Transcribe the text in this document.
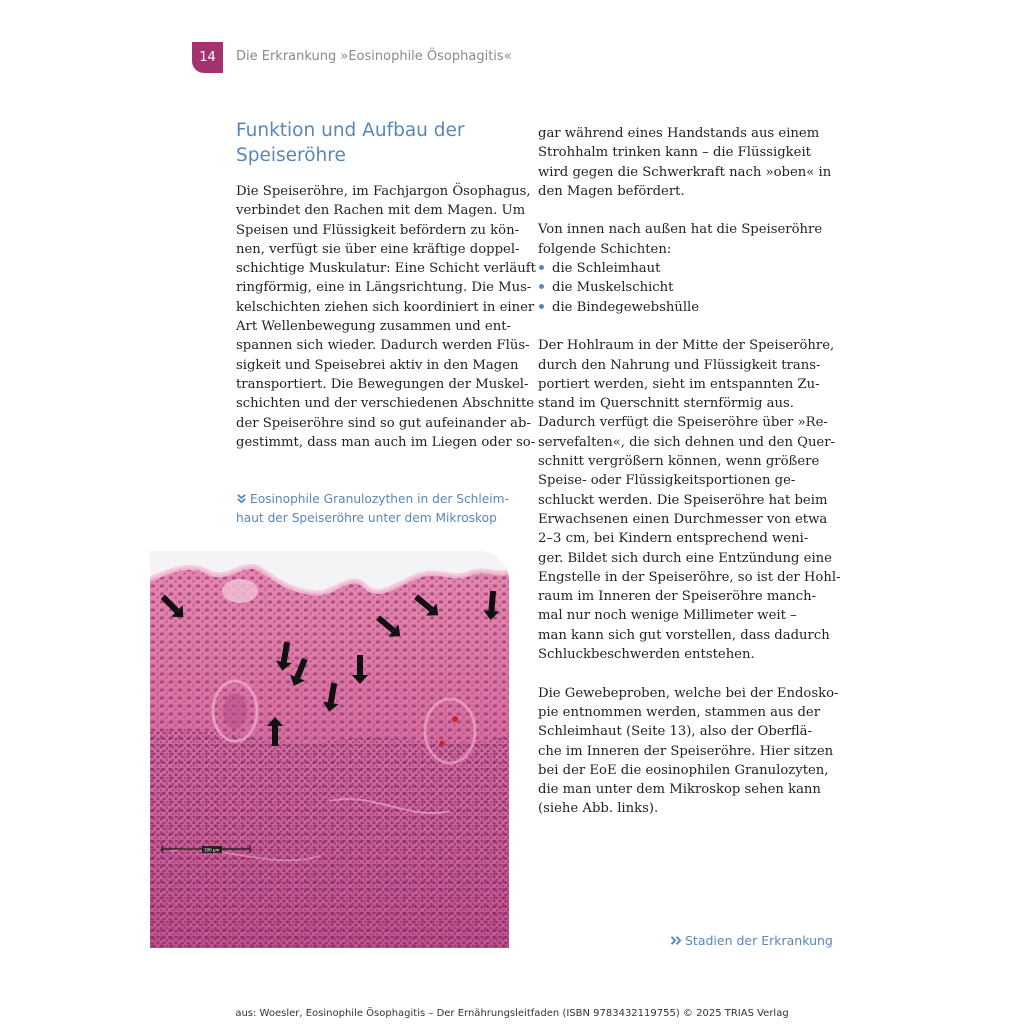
14 Die Erkrankung »Eosinophile Ösophagitis«
Funktion und Aufbau der
Speiseröhre
Die Speiseröhre, im Fachjargon Ösophagus,
verbindet den Rachen mit dem Magen. Um
Speisen und Flüssigkeit befördern zu kön-
nen, verfügt sie über eine kräftige doppel-
schichtige Muskulatur: Eine Schicht verläuft
ringförmig, eine in Längsrichtung. Die Mus-
kelschichten ziehen sich koordiniert in einer
Art Wellenbewegung zusammen und ent-
spannen sich wieder. Dadurch werden Flüs-
sigkeit und Speisebrei aktiv in den Magen
transportiert. Die Bewegungen der Muskel-
schichten und der verschiedenen Abschnitte
der Speiseröhre sind so gut aufeinander ab-
gestimmt, dass man auch im Liegen oder so-
Eosinophile Granulozythen in der Schleim-
haut der Speiseröhre unter dem Mikroskop
100 µm
gar während eines Handstands aus einem
Strohhalm trinken kann – die Flüssigkeit
wird gegen die Schwerkraft nach »oben« in
den Magen befördert.
Von innen nach außen hat die Speiseröhre
folgende Schichten:
die Schleimhaut
die Muskelschicht
die Bindegewebshülle
Der Hohlraum in der Mitte der Speiseröhre,
durch den Nahrung und Flüssigkeit trans-
portiert werden, sieht im entspannten Zu-
stand im Querschnitt sternförmig aus.
Dadurch verfügt die Speiseröhre über »Re-
servefalten«, die sich dehnen und den Quer-
schnitt vergrößern können, wenn größere
Speise- oder Flüssigkeitsportionen ge-
schluckt werden. Die Speiseröhre hat beim
Erwachsenen einen Durchmesser von etwa
2–3 cm, bei Kindern entsprechend weni-
ger. Bildet sich durch eine Entzündung eine
Engstelle in der Speiseröhre, so ist der Hohl-
raum im Inneren der Speiseröhre manch-
mal nur noch wenige Millimeter weit –
man kann sich gut vorstellen, dass dadurch
Schluckbeschwerden entstehen.
Die Gewebeproben, welche bei der Endosko-
pie entnommen werden, stammen aus der
Schleimhaut (Seite 13), also der Oberflä-
che im Inneren der Speiseröhre. Hier sitzen
bei der EoE die eosinophilen Granulozyten,
die man unter dem Mikroskop sehen kann
(siehe Abb. links).
Stadien der Erkrankung
aus: Woesler, Eosinophile Ösophagitis – Der Ernährungsleitfaden (ISBN 9783432119755) © 2025 TRIAS Verlag
